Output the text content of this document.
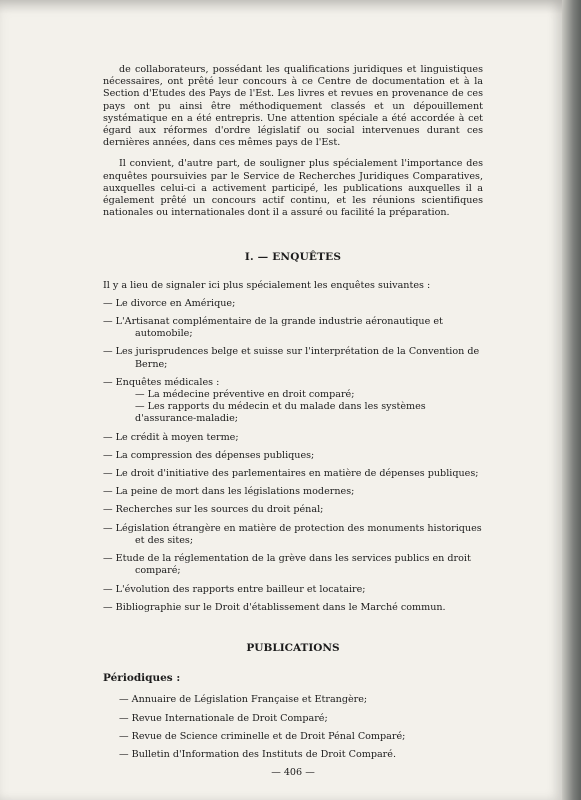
de collaborateurs, possédant les qualifications juridiques et linguistiques nécessaires, ont prêté leur concours à ce Centre de documentation et à la Section d'Etudes des Pays de l'Est. Les livres et revues en provenance de ces pays ont pu ainsi être méthodiquement classés et un dépouillement systématique en a été entrepris. Une attention spéciale a été accordée à cet égard aux réformes d'ordre législatif ou social intervenues durant ces dernières années, dans ces mêmes pays de l'Est.

Il convient, d'autre part, de souligner plus spécialement l'importance des enquêtes poursuivies par le Service de Recherches Juridiques Comparatives, auxquelles celui-ci a activement participé, les publications auxquelles il a également prêté un concours actif continu, et les réunions scientifiques nationales ou internationales dont il a assuré ou facilité la préparation.

I. — ENQUÊTES
Il y a lieu de signaler ici plus spécialement les enquêtes suivantes :
— Le divorce en Amérique;
— L'Artisanat complémentaire de la grande industrie aéronautique et automobile;
— Les jurisprudences belge et suisse sur l'interprétation de la Convention de Berne;
— Enquêtes médicales :
— La médecine préventive en droit comparé;
— Les rapports du médecin et du malade dans les systèmes d'assurance-maladie;
— Le crédit à moyen terme;
— La compression des dépenses publiques;
— Le droit d'initiative des parlementaires en matière de dépenses publiques;
— La peine de mort dans les législations modernes;
— Recherches sur les sources du droit pénal;
— Législation étrangère en matière de protection des monuments historiques et des sites;
— Etude de la réglementation de la grève dans les services publics en droit comparé;
— L'évolution des rapports entre bailleur et locataire;
— Bibliographie sur le Droit d'établissement dans le Marché commun.
PUBLICATIONS
Périodiques :
— Annuaire de Législation Française et Etrangère;
— Revue Internationale de Droit Comparé;
— Revue de Science criminelle et de Droit Pénal Comparé;
— Bulletin d'Information des Instituts de Droit Comparé.
— 406 —
